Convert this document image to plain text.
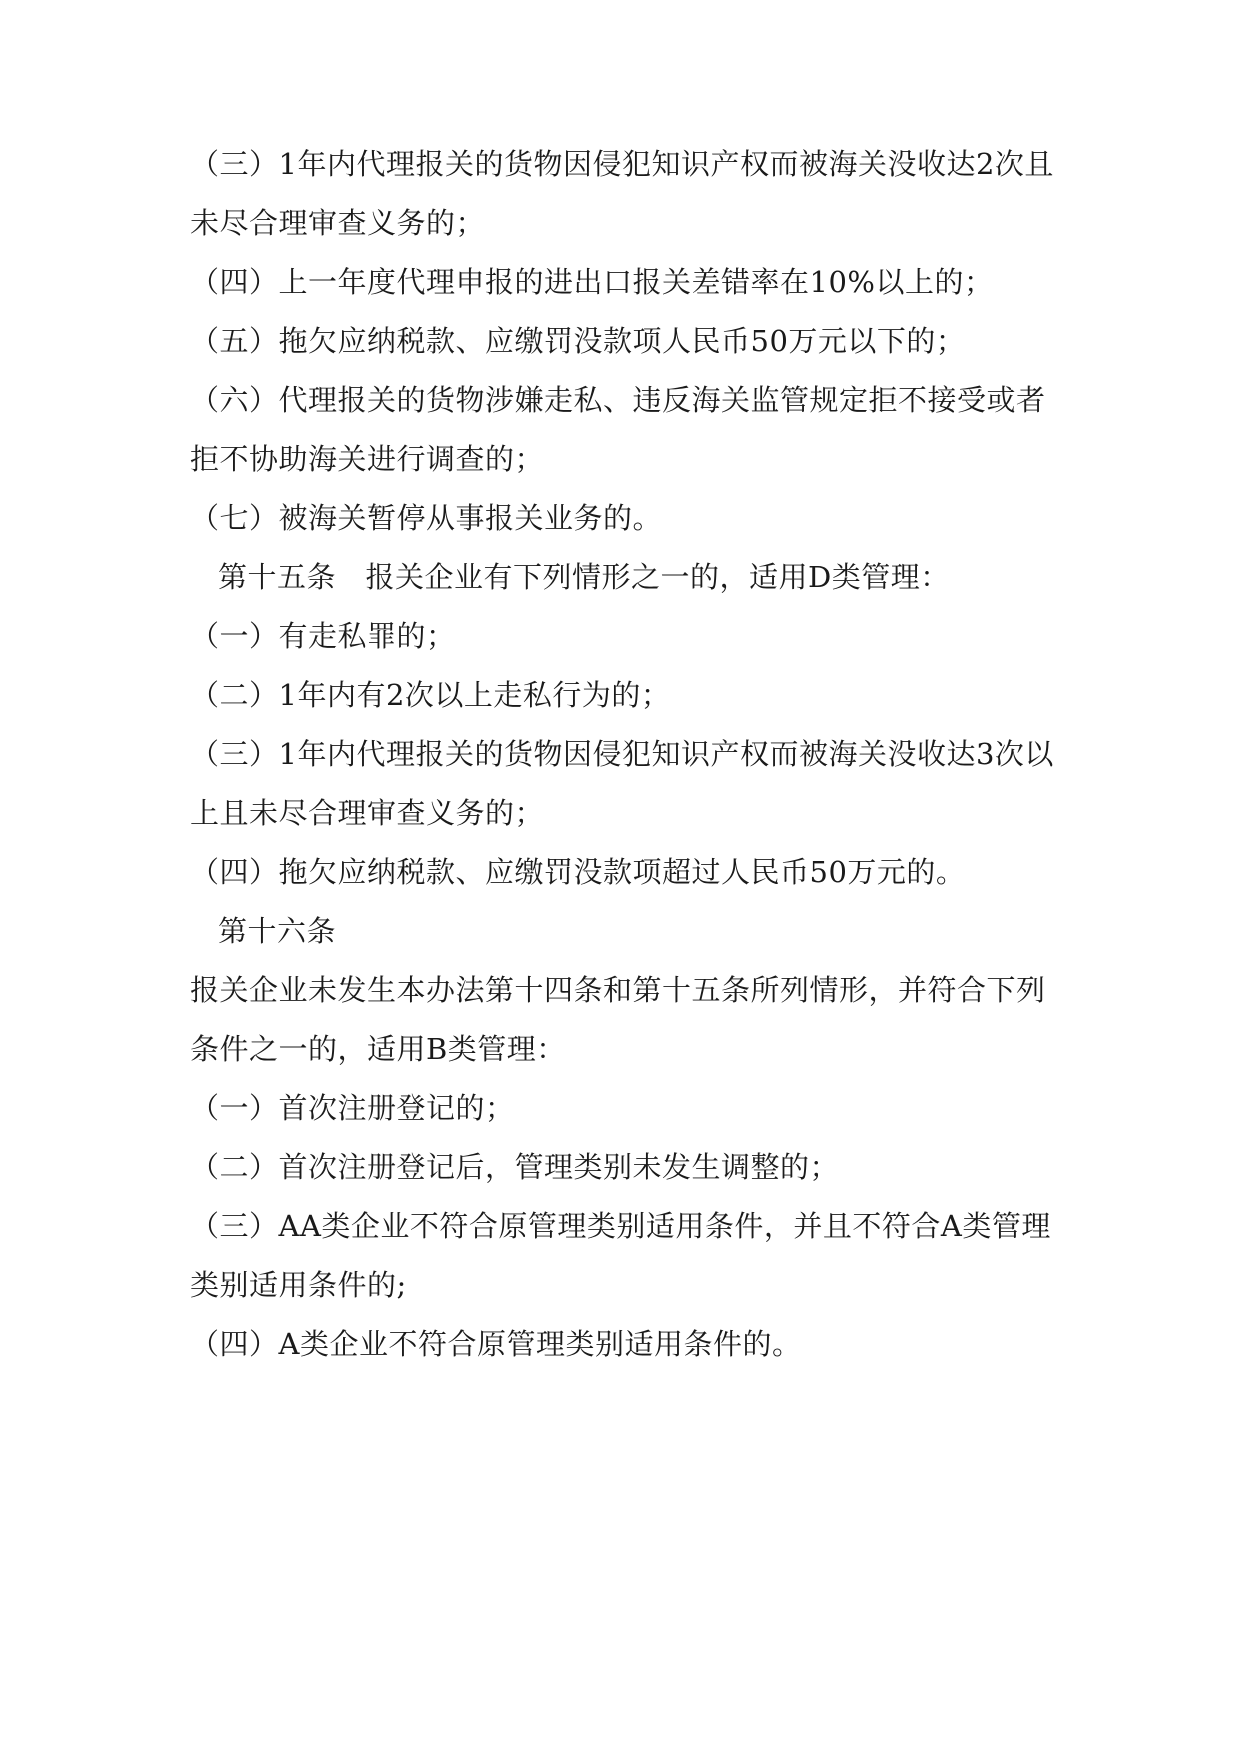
（三）1年内代理报关的货物因侵犯知识产权而被海关没收达2次且
未尽合理审查义务的；
（四）上一年度代理申报的进出口报关差错率在10%以上的；
（五）拖欠应纳税款、应缴罚没款项人民币50万元以下的；
（六）代理报关的货物涉嫌走私、违反海关监管规定拒不接受或者
拒不协助海关进行调查的；
（七）被海关暂停从事报关业务的。
第十五条　报关企业有下列情形之一的，适用D类管理：
（一）有走私罪的；
（二）1年内有2次以上走私行为的；
（三）1年内代理报关的货物因侵犯知识产权而被海关没收达3次以
上且未尽合理审查义务的；
（四）拖欠应纳税款、应缴罚没款项超过人民币50万元的。
第十六条
报关企业未发生本办法第十四条和第十五条所列情形，并符合下列
条件之一的，适用B类管理：
（一）首次注册登记的；
（二）首次注册登记后，管理类别未发生调整的；
（三）AA类企业不符合原管理类别适用条件，并且不符合A类管理
类别适用条件的;
（四）A类企业不符合原管理类别适用条件的。
